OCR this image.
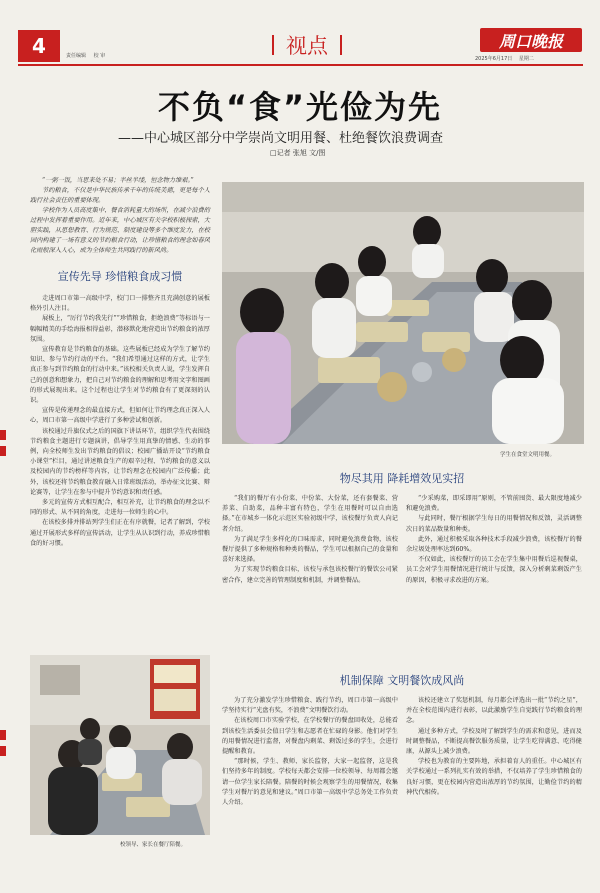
4	责任编辑 校 审	视点	周口晚报
2025年6月17日 星期二
不负“食”光俭为先
——中心城区部分中学崇尚文明用餐、杜绝餐饮浪费调查
□记者 张旭 文/图

“一粥一饭，当思来处不易；半丝半缕，恒念物力维艰。”

节约粮食，不仅是中华民族传承千年的传统美德，更是每个人践行社会责任的重要体现。

学校作为人员高度集中、餐食消耗量大的场所，在减少浪费的过程中发挥着重要作用。近年来，中心城区有关学校积极探索，大胆实践，从思想教育、行为规范、制度建设等多个维度发力，在校园内构建了一场有意义的节约粮食行动，让珍惜粮食的理念如春风化雨般深入人心，成为全体师生共同践行的新风尚。

宣传先导 珍惜粮食成习惯

走进周口市第一高级中学，校门口一排整齐且充满创意的展板格外引人注目。

展板上，“厉行节约我先行”“珍惜粮食，拒绝浪费”等标语与一幅幅精美的手绘海报相得益彰，潜移默化地营造出节约粮食的浓厚氛围。

宣传教育是节约粮食的基础。这些展板已经成为学生了解节约知识、参与节约行动的平台。“我们希望通过这样的方式，让学生真正参与到节约粮食的行动中来。”该校相关负责人说，学生发挥自己的创意和想象力，把自己对节约粮食的理解和思考用文字和图画的形式展现出来。这个过程也让学生对节约粮食有了更深刻的认识。

宣传是传递理念的最直接方式，但如何让节约理念真正深入人心，周口市第一高级中学进行了多种尝试和创新。

该校通过升旗仪式之后的国旗下讲话环节，组织学生代表围绕节约粮食主题进行专题演讲，倡导学生用真挚的情感、生动的事例，向全校师生发出节约粮食的倡议；校园广播站开设“节约粮食小课堂”栏目，通过讲述粮食生产的艰辛过程、节约粮食的意义以及校园内的节约榜样等内容，让节约理念在校园内广泛传播；此外，该校还将节约粮食教育融入日常班级活动，举办征文比赛、辩论赛等，让学生在参与中提升节约意识和责任感。

多元的宣传方式相互配合，相互补充，让节约粮食的理念以不同的形式、从不同的角度，走进每一位师生的心中。

在该校多排并排站列学生们正在有序就餐，记者了解到，学校通过开展形式多样的宣传活动，让学生从认识到行动，养成珍惜粮食的好习惯。

学生在食堂文明用餐。
物尽其用 降耗增效见实招

“我们的餐厅有小份菜、中份菜、大份菜，还有套餐菜、营养菜、自助菜，品种丰富有特色，学生在用餐时可以自由选择。”在市城乡一体化示范区实验初级中学，该校餐厅负责人向记者介绍。

为了满足学生多样化的口味需求，同时避免浪费食物，该校餐厅提供了多种规格和种类的餐品，学生可以根据自己的食量和喜好来选择。

为了实现节约粮食目标，该校与承包该校餐厅的餐饮公司紧密合作，建立完善的管理制度和机制，并调整餐品。

“少采购菜，即采即用”原则，不管前囤货、最大限度地减少和避免浪费。

与此同时，餐厅根据学生每日的用餐情况和反馈，灵活调整次日的菜品数量和种类。

此外，通过积极采取各种技术手段减少浪费，该校餐厅的餐余垃圾处理率达到60%。

不仅如此，该校餐厅的员工会在学生集中用餐后巡视餐桌，员工会对学生用餐情况进行统计与反馈，深入分析剩菜剩饭产生的原因，积极寻求改进的方案。

校领导、家长在餐厅陪餐。
机制保障 文明餐饮成风尚

为了充分激发学生珍惜粮食、践行节约，周口市第一高级中学坚持实行“光盘有奖，不浪费”文明餐饮行动。

在该校周口市实验学校，在学校餐厅的餐盘回收处，总能看到该校生活委员会值日学生和志愿者在忙碌的身影。他们对学生的用餐情况进行监督，对餐盘内剩菜、剩饭过多的学生，会进行提醒和教育。

“那时候，学生、教师、家长监督，大家一起监督，这是我们坚持多年的制度。学校每天都会安排一位校领导、每周都会邀请一位学生家长陪餐。陪餐的时候会观察学生的用餐情况，收集学生对餐厅的意见和建议。”周口市第一高级中学总务处工作负责人介绍。

该校还建立了奖惩机制，每月都会评选出一批“节约之星”，并在全校范围内进行表彰，以此激励学生自觉践行节约粮食的理念。

通过多种方式，学校及时了解到学生的需求和意见，进而及时调整餐品，不断提高餐饮服务质量，让学生吃得满意、吃得健康，从源头上减少浪费。

学校也为教育的主要阵地，承担着育人的重任。中心城区有关学校通过一系列扎实有效的举措，不仅培养了学生珍惜粮食的良好习惯，更在校园内营造出浓厚的节约氛围，让勤俭节约的精神代代相传。
